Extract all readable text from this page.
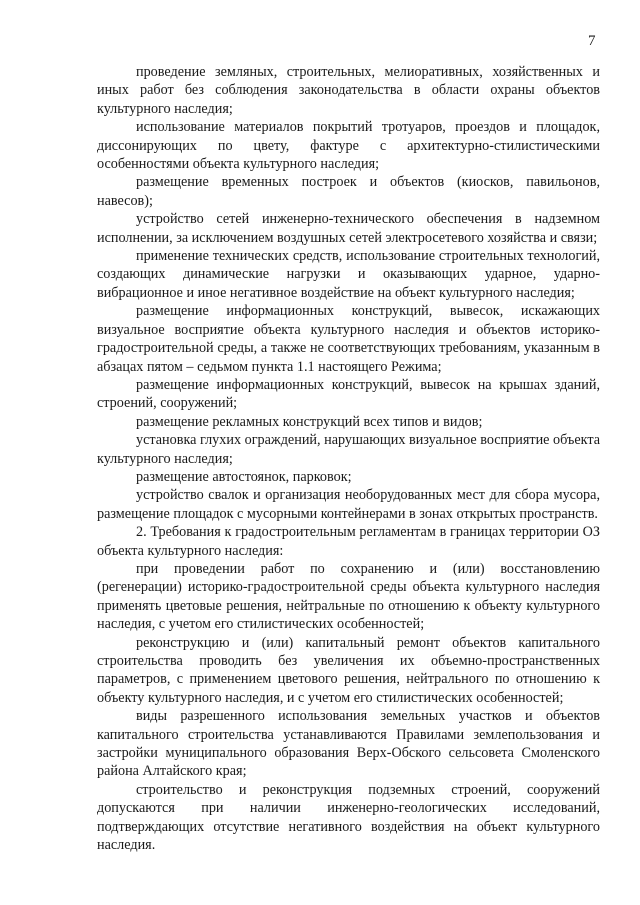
7

проведение земляных, строительных, мелиоративных, хозяйственных и иных работ без соблюдения законодательства в области охраны объектов культурного наследия;

использование материалов покрытий тротуаров, проездов и площадок, диссонирующих по цвету, фактуре с архитектурно-стилистическими особенностями объекта культурного наследия;

размещение временных построек и объектов (киосков, павильонов, навесов);

устройство сетей инженерно-технического обеспечения в надземном исполнении, за исключением воздушных сетей электросетевого хозяйства и связи;

применение технических средств, использование строительных технологий, создающих динамические нагрузки и оказывающих ударное, ударно-вибрационное и иное негативное воздействие на объект культурного наследия;

размещение информационных конструкций, вывесок, искажающих визуальное восприятие объекта культурного наследия и объектов историко-градостроительной среды, а также не соответствующих требованиям, указанным в абзацах пятом – седьмом пункта 1.1 настоящего Режима;

размещение информационных конструкций, вывесок на крышах зданий, строений, сооружений;

размещение рекламных конструкций всех типов и видов;

установка глухих ограждений, нарушающих визуальное восприятие объекта культурного наследия;

размещение автостоянок, парковок;

устройство свалок и организация необорудованных мест для сбора мусора, размещение площадок с мусорными контейнерами в зонах открытых пространств.

2. Требования к градостроительным регламентам в границах территории ОЗ объекта культурного наследия:

при проведении работ по сохранению и (или) восстановлению (регенерации) историко-градостроительной среды объекта культурного наследия применять цветовые решения, нейтральные по отношению к объекту культурного наследия, с учетом его стилистических особенностей;

реконструкцию и (или) капитальный ремонт объектов капитального строительства проводить без увеличения их объемно-пространственных параметров, с применением цветового решения, нейтрального по отношению к объекту культурного наследия, и с учетом его стилистических особенностей;

виды разрешенного использования земельных участков и объектов капитального строительства устанавливаются Правилами землепользования и застройки муниципального образования Верх-Обского сельсовета Смоленского района Алтайского края;

строительство и реконструкция подземных строений, сооружений допускаются при наличии инженерно-геологических исследований, подтверждающих отсутствие негативного воздействия на объект культурного наследия.
